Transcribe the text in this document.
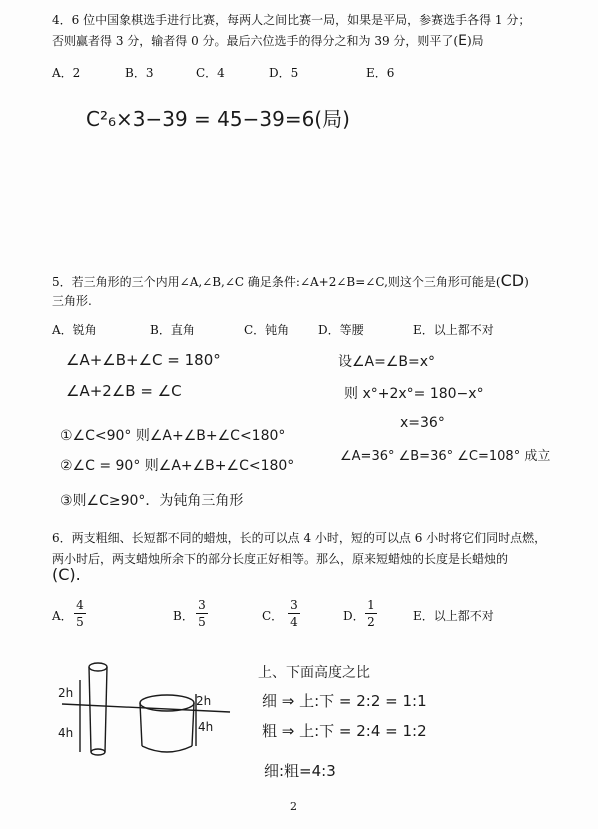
4．6 位中国象棋选手进行比赛，每两人之间比赛一局，如果是平局，参赛选手各得 1 分；
否则赢者得 3 分，输者得 0 分。最后六位选手的得分之和为 39 分，则平了(E)局
A．2	B．3	C．4	D．5	E．6
C²₆×3−39 = 45−39=6(局)
5．若三角形的三个内用∠A,∠B,∠C 确足条件:∠A+2∠B=∠C,则这个三角形可能是(CD)
三角形.
A．锐角	B．直角	C．钝角 D．等腰	E．以上都不对
∠A+∠B+∠C = 180°
∠A+2∠B = ∠C
①∠C<90° 则∠A+∠B+∠C<180°
②∠C = 90° 则∠A+∠B+∠C<180°
③则∠C≥90°．为钝角三角形
设∠A=∠B=x°
则 x°+2x°= 180−x°
x=36°
∠A=36° ∠B=36° ∠C=108° 成立
6．两支粗细、长短都不同的蜡烛，长的可以点 4 小时，短的可以点 6 小时将它们同时点燃，
两小时后，两支蜡烛所余下的部分长度正好相等。那么，原来短蜡烛的长度是长蜡烛的
(C).
A．
4
5	B．
3
5	C．
3
4	D．
1
2	E．以上都不对
2h
4h
2h
4h
上、下面高度之比
细 ⇒ 上:下 = 2:2 = 1:1
粗 ⇒ 上:下 = 2:4 = 1:2
细:粗=4:3
2
